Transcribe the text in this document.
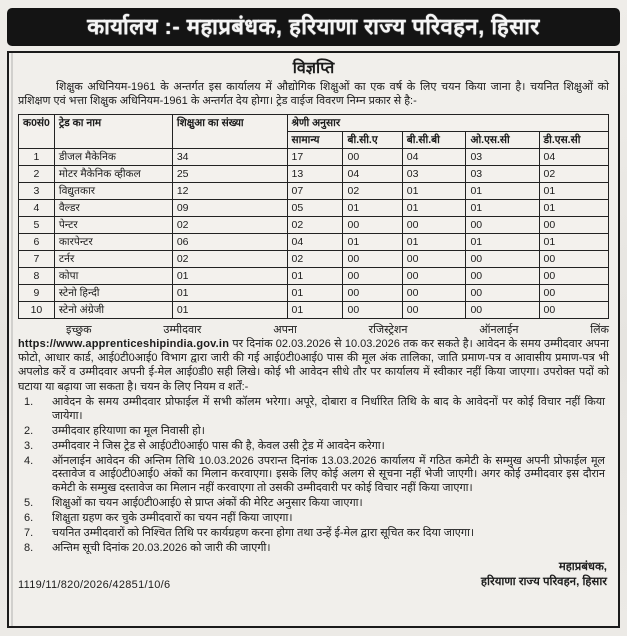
कार्यालय :- महाप्रबंधक, हरियाणा राज्य परिवहन, हिसार
विज्ञप्ति

शिक्षुक अधिनियम-1961 के अन्तर्गत इस कार्यालय में औद्योगिक शिक्षुओं का एक वर्ष के लिए चयन किया जाना है। चयनित शिक्षुओं को प्रशिक्षण एवं भत्ता शिक्षुक अधिनियम-1961 के अन्तर्गत देय होगा। ट्रेड वाईज विवरण निम्न प्रकार से है:-

क0सं0	ट्रेड का नाम	शिक्षुआ का संख्या	श्रेणी अनुसार				
			सामान्य	बी.सी.ए	बी.सी.बी	ओ.एस.सी	डी.एस.सी
1	डीजल मैकेनिक	34	17	00	04	03	04
2	मोटर मैकेनिक व्हीकल	25	13	04	03	03	02
3	विद्युतकार	12	07	02	01	01	01
4	वैल्डर	09	05	01	01	01	01
5	पेन्टर	02	02	00	00	00	00
6	कारपेन्टर	06	04	01	01	01	01
7	टर्नर	02	02	00	00	00	00
8	कोपा	01	01	00	00	00	00
9	स्टेनो हिन्दी	01	01	00	00	00	00
10	स्टेनो अंग्रेजी	01	01	00	00	00	00

इच्छुक उम्मीदवार अपना रजिस्ट्रेशन ऑनलाईन लिंक https://www.apprenticeshipindia.gov.in पर दिनांक 02.03.2026 से 10.03.2026 तक कर सकते है। आवेदन के समय उम्मीदवार अपना फोटो, आधार कार्ड, आई0टी0आई0 विभाग द्वारा जारी की गई आई0टी0आई0 पास की मूल अंक तालिका, जाति प्रमाण-पत्र व आवासीय प्रमाण-पत्र भी अपलोड करें व उम्मीदवार अपनी ई-मेल आई0डी0 सही लिखे। कोई भी आवेदन सीधे तौर पर कार्यालय में स्वीकार नहीं किया जाएगा। उपरोक्त पदों को घटाया या बढ़ाया जा सकता है। चयन के लिए नियम व शर्तें:-

1.	आवेदन के समय उम्मीदवार प्रोफाईल में सभी कॉलम भरेगा। अपूरे, दोबारा व निर्धारित तिथि के बाद के आवेदनों पर कोई विचार नहीं किया जायेगा।
2.	उम्मीदवार हरियाणा का मूल निवासी हो।
3.	उम्मीदवार ने जिस ट्रेड से आई0टी0आई0 पास की है, केवल उसी ट्रेड में आवदेन करेगा।
4.	ऑनलाईन आवेदन की अन्तिम तिथि 10.03.2026 उपरान्त दिनांक 13.03.2026 कार्यालय में गठित कमेटी के सम्मुख अपनी प्रोफाईल मूल दस्तावेज व आई0टी0आई0 अंकों का मिलान करवाएगा। इसके लिए कोई अलग से सूचना नहीं भेजी जाएगी। अगर कोई उम्मीदवार इस दौरान कमेटी के सम्मुख दस्तावेज का मिलान नहीं करवाएगा तो उसकी उम्मीदवारी पर कोई विचार नहीं किया जाएगा।
5.	शिक्षुओं का चयन आई0टी0आई0 से प्राप्त अंकों की मेरिट अनुसार किया जाएगा।
6.	शिक्षुता ग्रहण कर चुके उम्मीदवारों का चयन नहीं किया जाएगा।
7.	चयनित उम्मीदवारों को निश्चित तिथि पर कार्यग्रहण करना होगा तथा उन्हें ई-मेल द्वारा सूचित कर दिया जाएगा।
8.	अन्तिम सूची दिनांक 20.03.2026 को जारी की जाएगी।
1119/11/820/2026/42851/10/6
महाप्रबंधक,
हरियाणा राज्य परिवहन, हिसार
